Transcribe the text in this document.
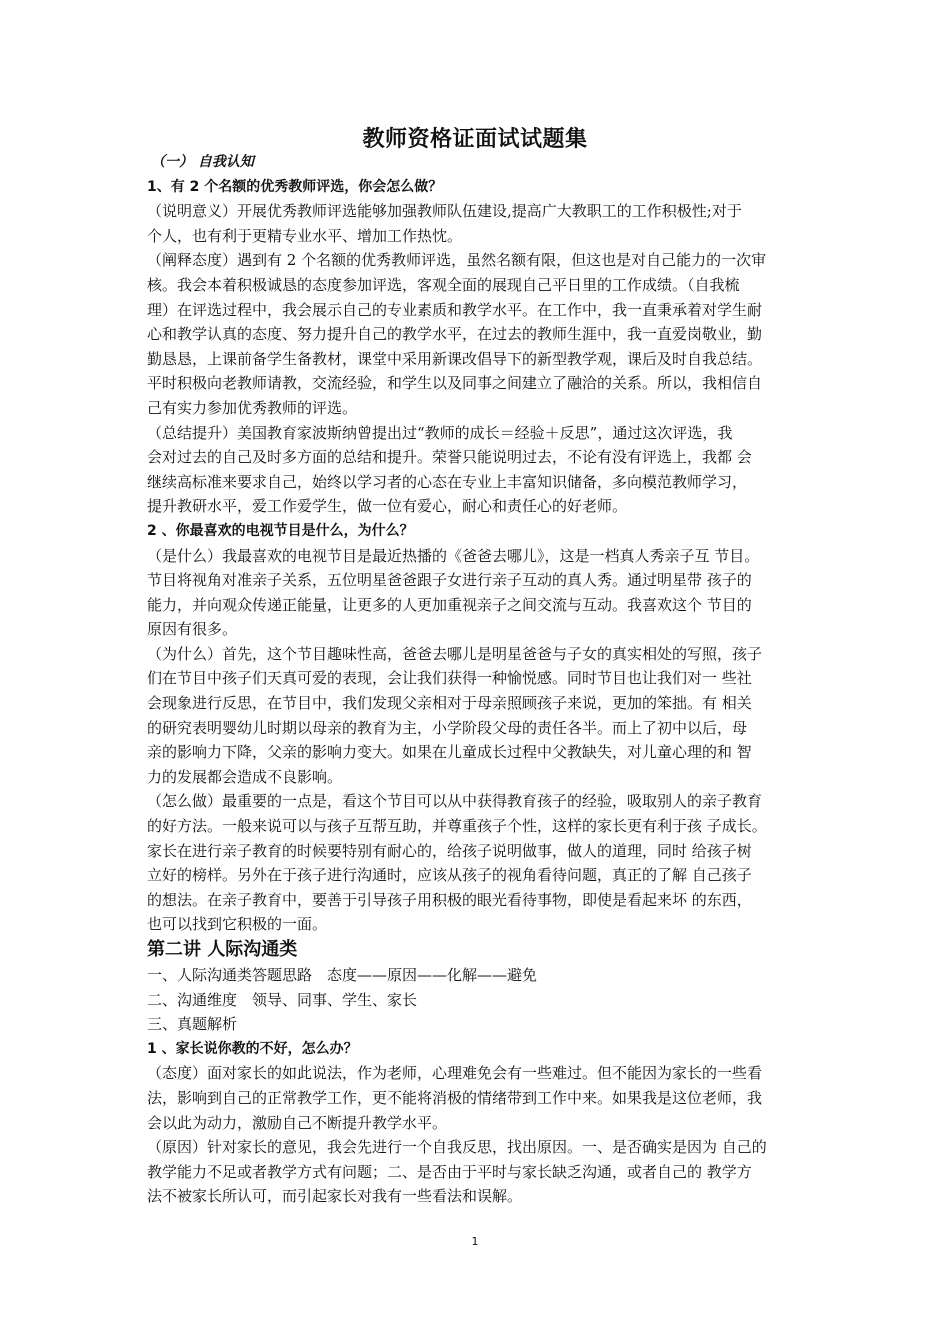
教师资格证面试试题集
（一） 自我认知
1、有 2 个名额的优秀教师评选，你会怎么做？
（说明意义）开展优秀教师评选能够加强教师队伍建设,提高广大教职工的工作积极性;对于
个人，也有利于更精专业水平、增加工作热忱。
（阐释态度）遇到有 2 个名额的优秀教师评选，虽然名额有限，但这也是对自己能力的一次审
核。我会本着积极诚恳的态度参加评选，客观全面的展现自己平日里的工作成绩。（自我梳
理）在评选过程中，我会展示自己的专业素质和教学水平。在工作中，我一直秉承着对学生耐
心和教学认真的态度、努力提升自己的教学水平，在过去的教师生涯中，我一直爱岗敬业，勤
勤恳恳，上课前备学生备教材，课堂中采用新课改倡导下的新型教学观，课后及时自我总结。
平时积极向老教师请教，交流经验，和学生以及同事之间建立了融洽的关系。所以，我相信自
己有实力参加优秀教师的评选。
（总结提升）美国教育家波斯纳曾提出过“教师的成长＝经验＋反思”，通过这次评选，我
会对过去的自己及时多方面的总结和提升。荣誉只能说明过去，不论有没有评选上，我都 会
继续高标准来要求自己，始终以学习者的心态在专业上丰富知识储备，多向模范教师学习，
提升教研水平，爱工作爱学生，做一位有爱心，耐心和责任心的好老师。
2 、你最喜欢的电视节目是什么，为什么？
（是什么）我最喜欢的电视节目是最近热播的《爸爸去哪儿》，这是一档真人秀亲子互 节目。
节目将视角对准亲子关系，五位明星爸爸跟子女进行亲子互动的真人秀。通过明星带 孩子的
能力，并向观众传递正能量，让更多的人更加重视亲子之间交流与互动。我喜欢这个 节目的
原因有很多。
（为什么）首先，这个节目趣味性高，爸爸去哪儿是明星爸爸与子女的真实相处的写照，孩子
们在节目中孩子们天真可爱的表现，会让我们获得一种愉悦感。同时节目也让我们对一 些社
会现象进行反思，在节目中，我们发现父亲相对于母亲照顾孩子来说，更加的笨拙。有 相关
的研究表明婴幼儿时期以母亲的教育为主，小学阶段父母的责任各半。而上了初中以后，母
亲的影响力下降，父亲的影响力变大。如果在儿童成长过程中父教缺失，对儿童心理的和 智
力的发展都会造成不良影响。
（怎么做）最重要的一点是，看这个节目可以从中获得教育孩子的经验，吸取别人的亲子教育
的好方法。一般来说可以与孩子互帮互助，并尊重孩子个性，这样的家长更有利于孩 子成长。
家长在进行亲子教育的时候要特别有耐心的，给孩子说明做事，做人的道理，同时 给孩子树
立好的榜样。另外在于孩子进行沟通时，应该从孩子的视角看待问题，真正的了解 自己孩子
的想法。在亲子教育中，要善于引导孩子用积极的眼光看待事物，即使是看起来坏 的东西，
也可以找到它积极的一面。
第二讲 人际沟通类
一、人际沟通类答题思路　态度——原因——化解——避免
二、沟通维度　领导、同事、学生、家长
三、真题解析
1 、家长说你教的不好，怎么办？
（态度）面对家长的如此说法，作为老师，心理难免会有一些难过。但不能因为家长的一些看
法，影响到自己的正常教学工作，更不能将消极的情绪带到工作中来。如果我是这位老师，我
会以此为动力，激励自己不断提升教学水平。
（原因）针对家长的意见，我会先进行一个自我反思，找出原因。一、是否确实是因为 自己的
教学能力不足或者教学方式有问题；二、是否由于平时与家长缺乏沟通，或者自己的 教学方
法不被家长所认可，而引起家长对我有一些看法和误解。
1
